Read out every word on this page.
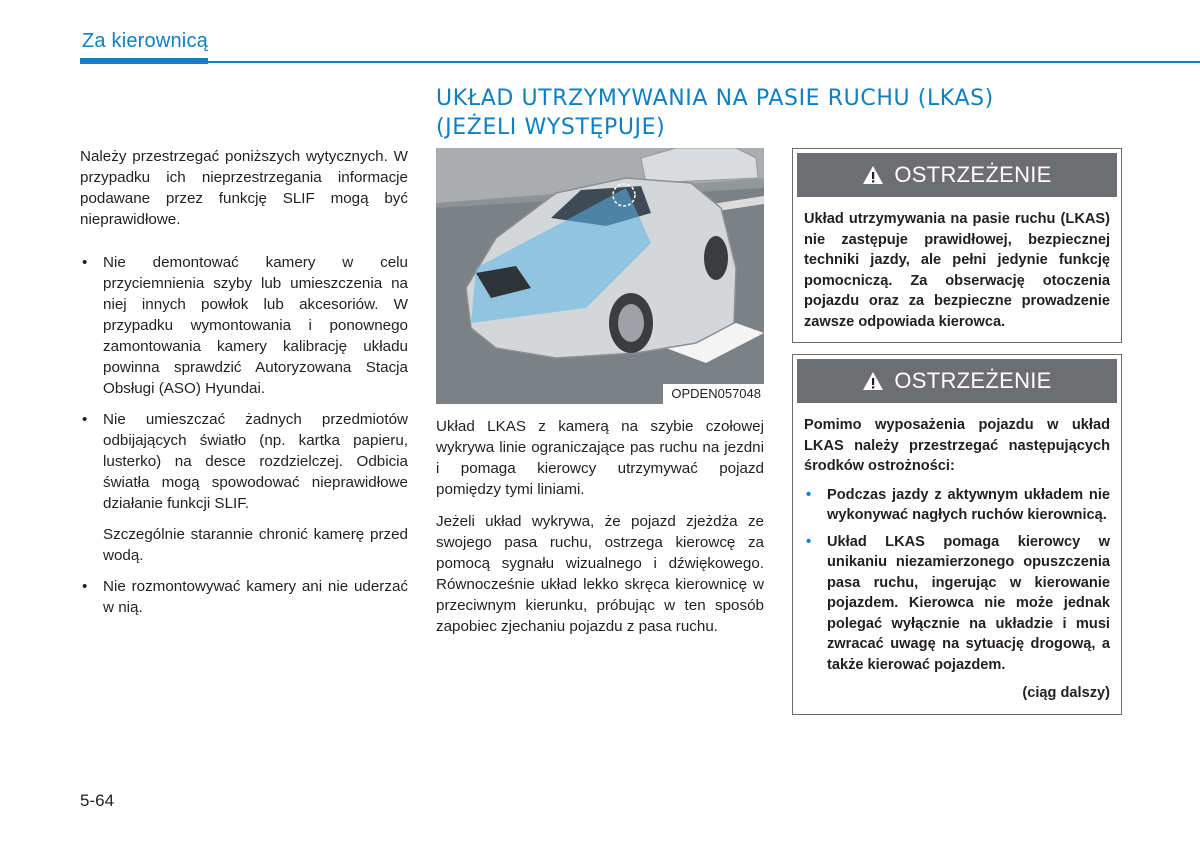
Za kierownicą
UKŁAD UTRZYMYWANIA NA PASIE RUCHU (LKAS)
(JEŻELI WYSTĘPUJE)

Należy przestrzegać poniższych wytycznych. W przypadku ich nieprzestrzegania informacje podawane przez funkcję SLIF mogą być nieprawidłowe.

• Nie demontować kamery w celu przyciemnienia szyby lub umieszczenia na niej innych powłok lub akcesoriów. W przypadku wymontowania i ponownego zamontowania kamery kalibrację układu powinna sprawdzić Autoryzowana Stacja Obsługi (ASO) Hyundai.
• Nie umieszczać żadnych przedmiotów odbijających światło (np. kartka papieru, lusterko) na desce rozdzielczej. Odbicia światła mogą spowodować nieprawidłowe działanie funkcji SLIF.
Szczególnie starannie chronić kamerę przed wodą.
• Nie rozmontowywać kamery ani nie uderzać w nią.
OPDEN057048

Układ LKAS z kamerą na szybie czołowej wykrywa linie ograniczające pas ruchu na jezdni i pomaga kierowcy utrzymywać pojazd pomiędzy tymi liniami.

Jeżeli układ wykrywa, że pojazd zjeżdża ze swojego pasa ruchu, ostrzega kierowcę za pomocą sygnału wizualnego i dźwiękowego. Równocześnie układ lekko skręca kierownicę w przeciwnym kierunku, próbując w ten sposób zapobiec zjechaniu pojazdu z pasa ruchu.

OSTRZEŻENIE

Układ utrzymywania na pasie ruchu (LKAS) nie zastępuje prawidłowej, bezpiecznej techniki jazdy, ale pełni jedynie funkcję pomocniczą. Za obserwację otoczenia pojazdu oraz za bezpieczne prowadzenie zawsze odpowiada kierowca.

OSTRZEŻENIE

Pomimo wyposażenia pojazdu w układ LKAS należy przestrzegać następujących środków ostrożności:

• Podczas jazdy z aktywnym układem nie wykonywać nagłych ruchów kierownicą.
• Układ LKAS pomaga kierowcy w unikaniu niezamierzonego opuszczenia pasa ruchu, ingerując w kierowanie pojazdem. Kierowca nie może jednak polegać wyłącznie na układzie i musi zwracać uwagę na sytuację drogową, a także kierować pojazdem.
(ciąg dalszy)
5-64
